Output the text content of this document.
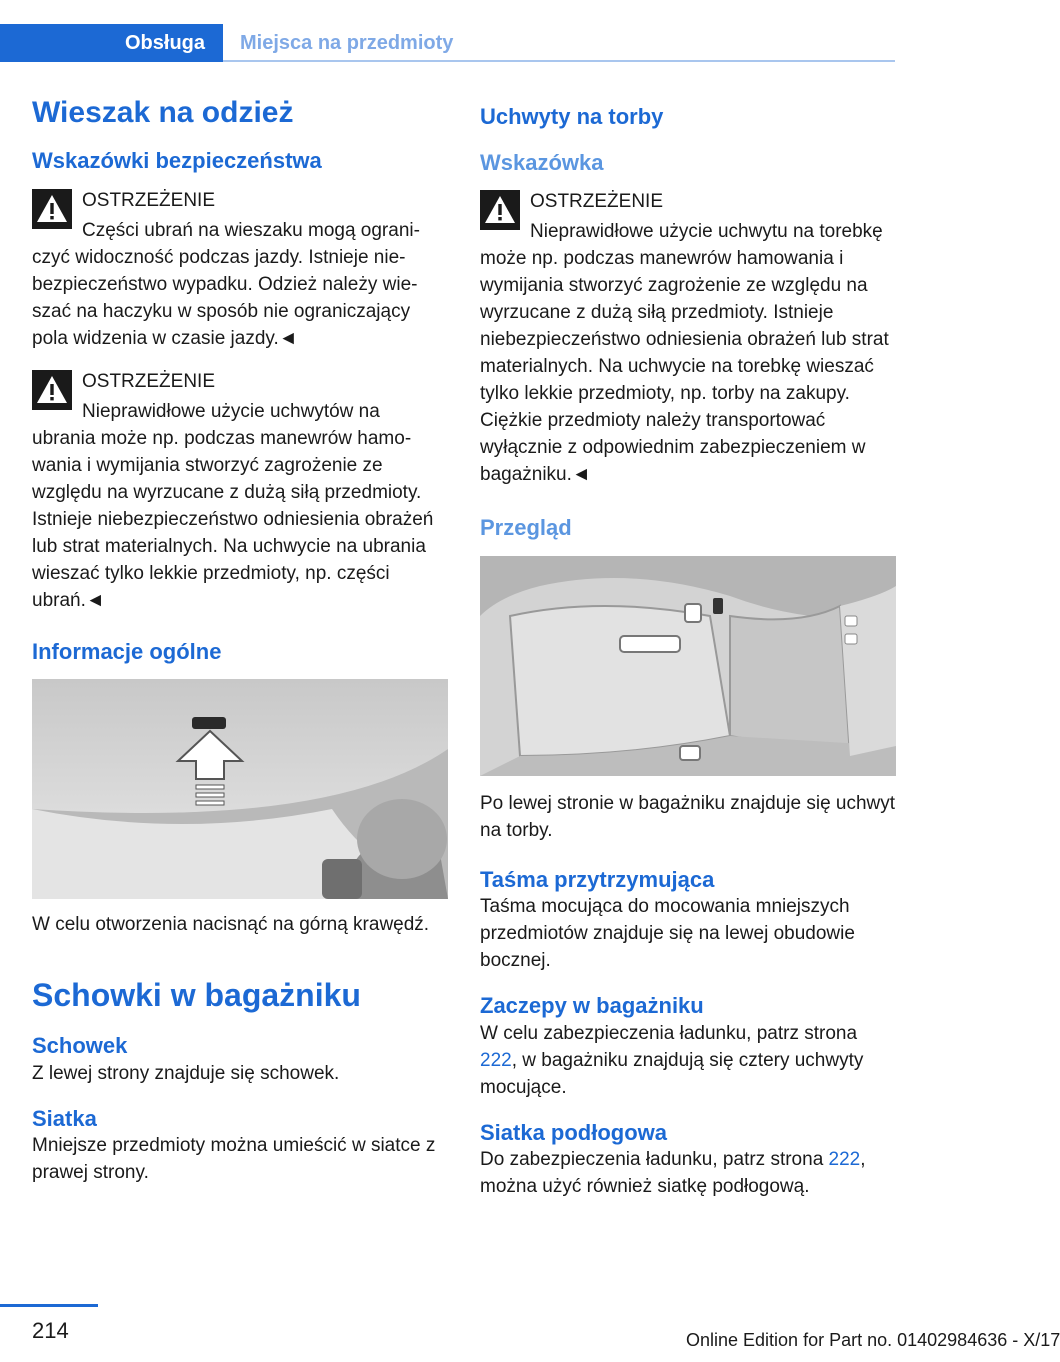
Obsługa	Miejsca na przedmioty
Wieszak na odzież
Wskazówki bezpieczeństwa
OSTRZEŻENIE

Części ubrań na wieszaku mogą ograniczyć widoczność podczas jazdy. Istnieje niebezpieczeństwo wypadku. Odzież należy wieszać na haczyku w sposób nie ograniczający pola widzenia w czasie jazdy.◄

OSTRZEŻENIE

Nieprawidłowe użycie uchwytów na ubrania może np. podczas manewrów hamowania i wymijania stworzyć zagrożenie ze względu na wyrzucane z dużą siłą przedmioty. Istnieje niebezpieczeństwo odniesienia obrażeń lub strat materialnych. Na uchwycie na ubrania wieszać tylko lekkie przedmioty, np. części ubrań.◄

Informacje ogólne

W celu otworzenia nacisnąć na górną krawędź.

Schowki w bagażniku
Schowek

Z lewej strony znajduje się schowek.

Siatka

Mniejsze przedmioty można umieścić w siatce z prawej strony.

Uchwyty na torby
Wskazówka
OSTRZEŻENIE

Nieprawidłowe użycie uchwytu na torebkę może np. podczas manewrów hamowania i wymijania stworzyć zagrożenie ze względu na wyrzucane z dużą siłą przedmioty. Istnieje niebezpieczeństwo odniesienia obrażeń lub strat materialnych. Na uchwycie na torebkę wieszać tylko lekkie przedmioty, np. torby na zakupy. Ciężkie przedmioty należy transportować wyłącznie z odpowiednim zabezpieczeniem w bagażniku.◄

Przegląd

Po lewej stronie w bagażniku znajduje się uchwyt na torby.

Taśma przytrzymująca

Taśma mocująca do mocowania mniejszych przedmiotów znajduje się na lewej obudowie bocznej.

Zaczepy w bagażniku

W celu zabezpieczenia ładunku, patrz strona 222, w bagażniku znajdują się cztery uchwyty mocujące.

Siatka podłogowa

Do zabezpieczenia ładunku, patrz strona 222, można użyć również siatkę podłogową.

214	Online Edition for Part no. 01402984636 - X/17
